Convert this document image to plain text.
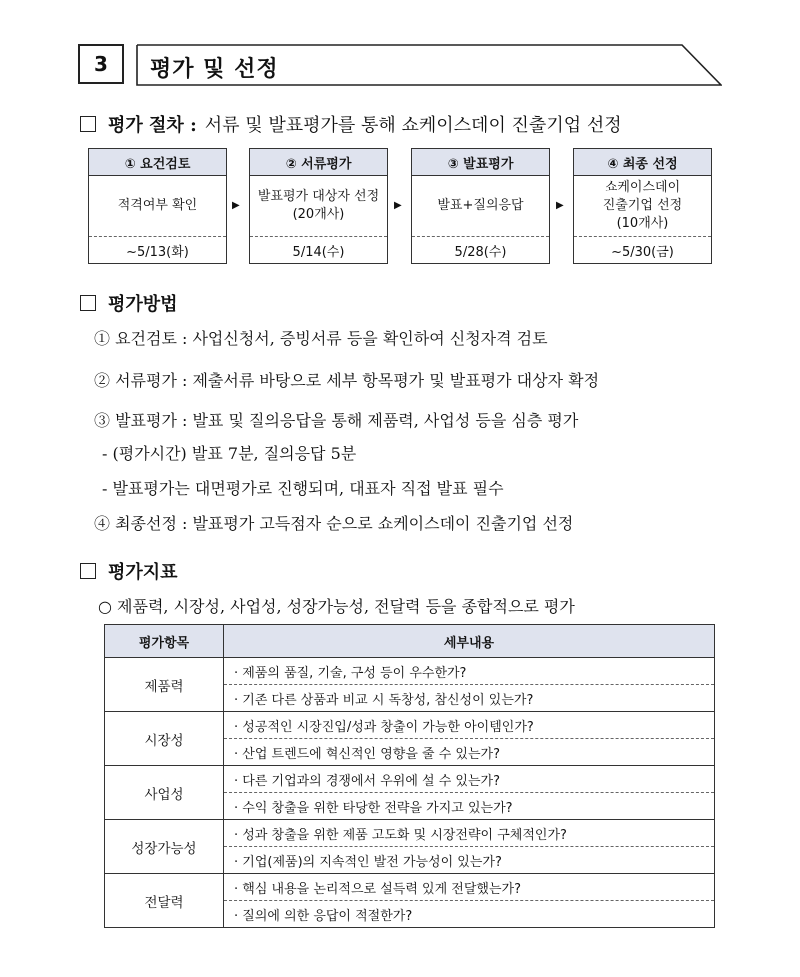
3 평가 및 선정
평가 절차 : 서류 및 발표평가를 통해 쇼케이스데이 진출기업 선정
① 요건검토
적격여부 확인
~5/13(화)
▶
② 서류평가
발표평가 대상자 선정
(20개사)
5/14(수)
▶
③ 발표평가
발표+질의응답
5/28(수)
▶
④ 최종 선정
쇼케이스데이
진출기업 선정
(10개사)
~5/30(금)
평가방법
① 요건검토 : 사업신청서, 증빙서류 등을 확인하여 신청자격 검토
② 서류평가 : 제출서류 바탕으로 세부 항목평가 및 발표평가 대상자 확정
③ 발표평가 : 발표 및 질의응답을 통해 제품력, 사업성 등을 심층 평가
- (평가시간) 발표 7분, 질의응답 5분
- 발표평가는 대면평가로 진행되며, 대표자 직접 발표 필수
④ 최종선정 : 발표평가 고득점자 순으로 쇼케이스데이 진출기업 선정
평가지표
○ 제품력, 시장성, 사업성, 성장가능성, 전달력 등을 종합적으로 평가
평가항목	세부내용
제품력	· 제품의 품질, 기술, 구성 등이 우수한가?
	· 기존 다른 상품과 비교 시 독창성, 참신성이 있는가?
시장성	· 성공적인 시장진입/성과 창출이 가능한 아이템인가?
	· 산업 트렌드에 혁신적인 영향을 줄 수 있는가?
사업성	· 다른 기업과의 경쟁에서 우위에 설 수 있는가?
	· 수익 창출을 위한 타당한 전략을 가지고 있는가?
성장가능성	· 성과 창출을 위한 제품 고도화 및 시장전략이 구체적인가?
	· 기업(제품)의 지속적인 발전 가능성이 있는가?
전달력	· 핵심 내용을 논리적으로 설득력 있게 전달했는가?
	· 질의에 의한 응답이 적절한가?
